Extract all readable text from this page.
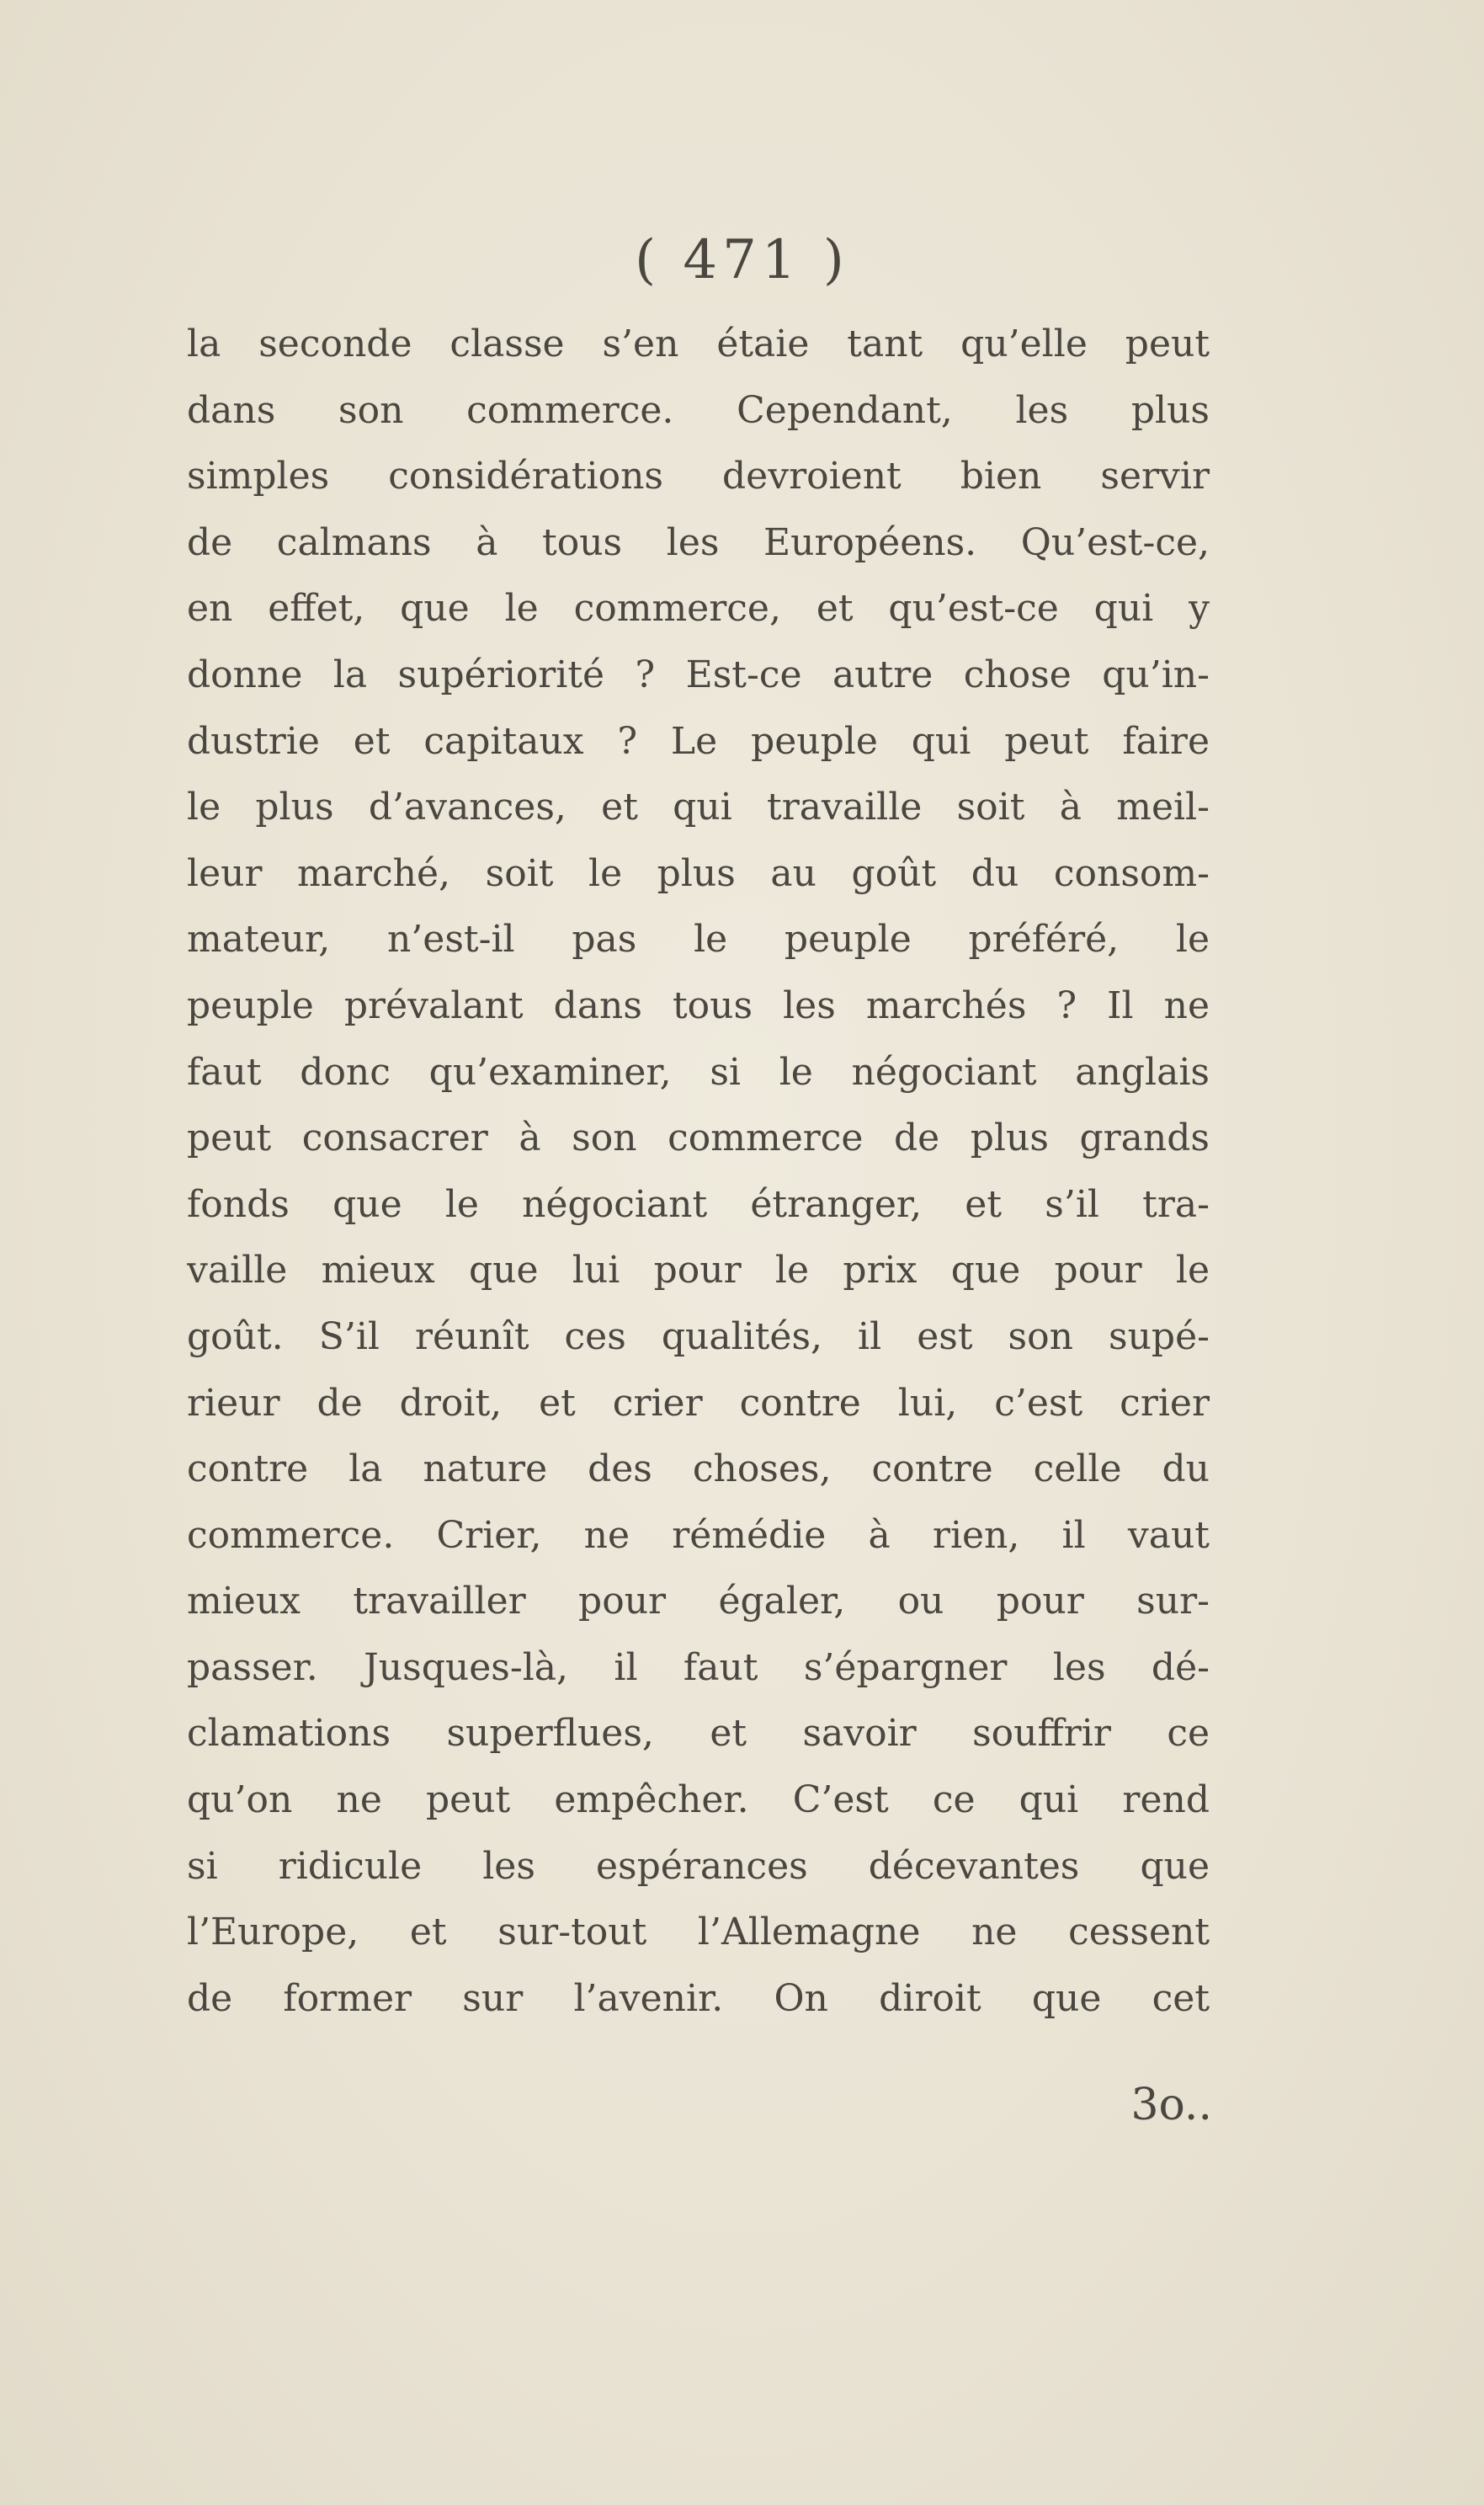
( 471 )
la seconde classe s’en étaie tant qu’elle peut
dans son commerce. Cependant, les plus
simples considérations devroient bien servir
de calmans à tous les Européens. Qu’est-ce,
en effet, que le commerce, et qu’est-ce qui y
donne la supériorité ? Est-ce autre chose qu’in-
dustrie et capitaux ? Le peuple qui peut faire
le plus d’avances, et qui travaille soit à meil-
leur marché, soit le plus au goût du consom-
mateur, n’est-il pas le peuple préféré, le
peuple prévalant dans tous les marchés ? Il ne
faut donc qu’examiner, si le négociant anglais
peut consacrer à son commerce de plus grands
fonds que le négociant étranger, et s’il tra-
vaille mieux que lui pour le prix que pour le
goût. S’il réunît ces qualités, il est son supé-
rieur de droit, et crier contre lui, c’est crier
contre la nature des choses, contre celle du
commerce. Crier, ne rémédie à rien, il vaut
mieux travailler pour égaler, ou pour sur-
passer. Jusques-là, il faut s’épargner les dé-
clamations superflues, et savoir souffrir ce
qu’on ne peut empêcher. C’est ce qui rend
si ridicule les espérances décevantes que
l’Europe, et sur-tout l’Allemagne ne cessent
de former sur l’avenir. On diroit que cet
3o..
